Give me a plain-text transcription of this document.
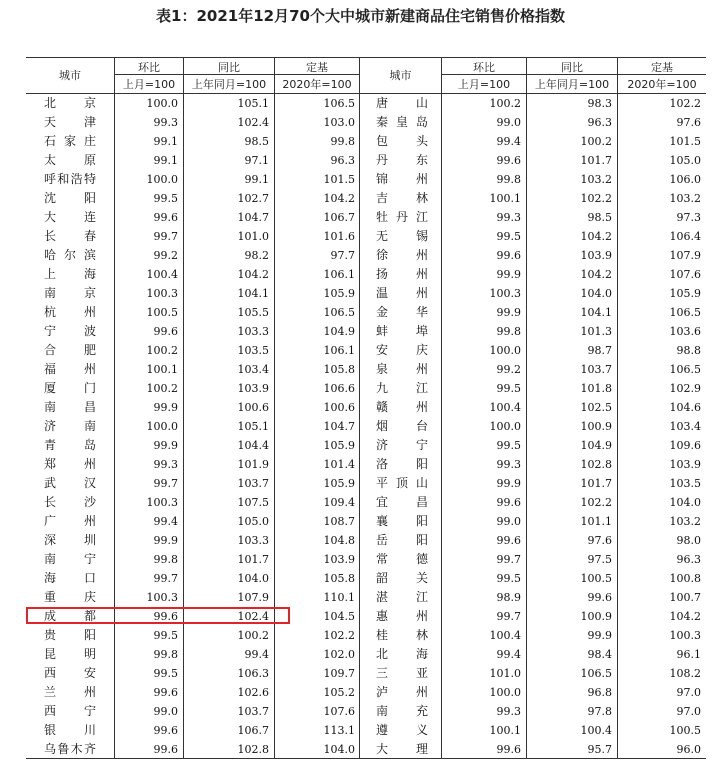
表1：2021年12月70个大中城市新建商品住宅销售价格指数
城市
环比
上月=100
同比
上年同月=100
定基
2020年=100
城市
环比
上月=100
同比
上年同月=100
定基
2020年=100
北京	100.0	105.1	106.5 唐山	100.2	98.3	102.2
天津	99.3	102.4	103.0 秦皇岛	99.0	96.3	97.6
石家庄	99.1	98.5	99.8 包头	99.4	100.2	101.5
太原	99.1	97.1	96.3 丹东	99.6	101.7	105.0
呼和浩特	100.0	99.1	101.5 锦州	99.8	103.2	106.0
沈阳	99.5	102.7	104.2 吉林	100.1	102.2	103.2
大连	99.6	104.7	106.7 牡丹江	99.3	98.5	97.3
长春	99.7	101.0	101.6 无锡	99.5	104.2	106.4
哈尔滨	99.2	98.2	97.7 徐州	99.6	103.9	107.9
上海	100.4	104.2	106.1 扬州	99.9	104.2	107.6
南京	100.3	104.1	105.9 温州	100.3	104.0	105.9
杭州	100.5	105.5	106.5 金华	99.9	104.1	106.5
宁波	99.6	103.3	104.9 蚌埠	99.8	101.3	103.6
合肥	100.2	103.5	106.1 安庆	100.0	98.7	98.8
福州	100.1	103.4	105.8 泉州	99.2	103.7	106.5
厦门	100.2	103.9	106.6 九江	99.5	101.8	102.9
南昌	99.9	100.6	100.6 赣州	100.4	102.5	104.6
济南	100.0	105.1	104.7 烟台	100.0	100.9	103.4
青岛	99.9	104.4	105.9 济宁	99.5	104.9	109.6
郑州	99.3	101.9	101.4 洛阳	99.3	102.8	103.9
武汉	99.7	103.7	105.9 平顶山	99.9	101.7	103.5
长沙	100.3	107.5	109.4 宜昌	99.6	102.2	104.0
广州	99.4	105.0	108.7 襄阳	99.0	101.1	103.2
深圳	99.9	103.3	104.8 岳阳	99.6	97.6	98.0
南宁	99.8	101.7	103.9 常德	99.7	97.5	96.3
海口	99.7	104.0	105.8 韶关	99.5	100.5	100.8
重庆	100.3	107.9	110.1 湛江	98.9	99.6	100.7
成都	99.6	102.4	104.5 惠州	99.7	100.9	104.2
贵阳	99.5	100.2	102.2 桂林	100.4	99.9	100.3
昆明	99.8	99.4	102.0 北海	99.4	98.4	96.1
西安	99.5	106.3	109.7 三亚	101.0	106.5	108.2
兰州	99.6	102.6	105.2 泸州	100.0	96.8	97.0
西宁	99.0	103.7	107.6 南充	99.3	97.8	97.0
银川	99.6	106.7	113.1 遵义	100.1	100.4	100.5
乌鲁木齐	99.6	102.8	104.0 大理	99.6	95.7	96.0
